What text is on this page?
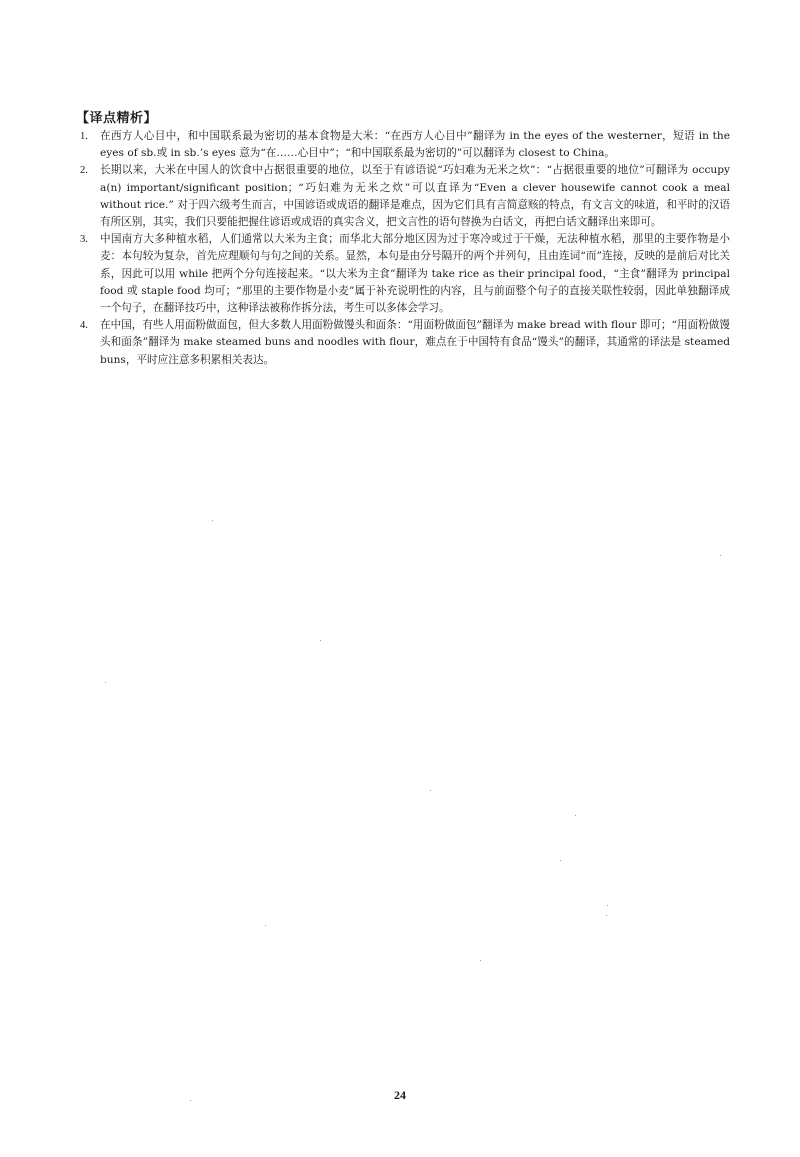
【译点精析】
1. 在西方人心目中，和中国联系最为密切的基本食物是大米：“在西方人心目中”翻译为 in the eyes of the westerner，短语 in the eyes of sb.或 in sb.’s eyes 意为“在……心目中”；“和中国联系最为密切的”可以翻译为 closest to China。
2. 长期以来，大米在中国人的饮食中占据很重要的地位，以至于有谚语说“巧妇难为无米之炊”：“占据很重要的地位”可翻译为 occupy a(n) important/significant position；“巧妇难为无米之炊”可以直译为“Even a clever housewife cannot cook a meal without rice.” 对于四六级考生而言，中国谚语或成语的翻译是难点，因为它们具有言简意赅的特点，有文言文的味道，和平时的汉语有所区别，其实，我们只要能把握住谚语或成语的真实含义，把文言性的语句替换为白话文，再把白话文翻译出来即可。
3. 中国南方大多种植水稻，人们通常以大米为主食；而华北大部分地区因为过于寒冷或过于干燥，无法种植水稻，那里的主要作物是小麦：本句较为复杂，首先应理顺句与句之间的关系。显然，本句是由分号隔开的两个并列句，且由连词“而”连接，反映的是前后对比关系，因此可以用 while 把两个分句连接起来。“以大米为主食”翻译为 take rice as their principal food，“主食”翻译为 principal food 或 staple food 均可；“那里的主要作物是小麦”属于补充说明性的内容，且与前面整个句子的直接关联性较弱，因此单独翻译成一个句子，在翻译技巧中，这种译法被称作拆分法，考生可以多体会学习。
4. 在中国，有些人用面粉做面包，但大多数人用面粉做馒头和面条：“用面粉做面包”翻译为 make bread with flour 即可；“用面粉做馒头和面条”翻译为 make steamed buns and noodles with flour，难点在于中国特有食品“馒头”的翻译，其通常的译法是 steamed buns，平时应注意多积累相关表达。
24
